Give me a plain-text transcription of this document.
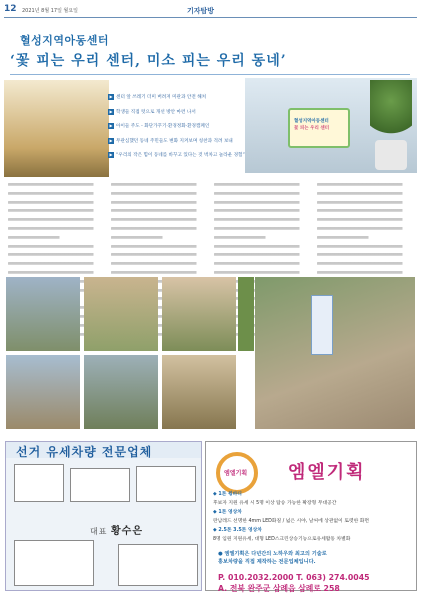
12 2021년 8월 17일 월요일	기자탐방
혈성지역아동센터
‘꽃 피는 우리 센터, 미소 피는 우리 동네’
혈성지역아동센터
꽃 피는 우리 센터
▶ 센터 앞 쓰레기 더미 버려져 미관과 안전 해쳐
▶ 학생들 직접 텃으로 개선 방안 마련 나서
▶ 아이들 주도 - 화단가꾸기·환경정화·환경캠페인
▶ 무관심했던 동네 주민들도 변화 지켜보며 칭찬과 격려 보내
▶ “우리의 작은 힘이 동네를 바꾸고 있다는 것 벅차고 놀라운 경험”
선거 유세차량 전문업체
대표 황수은
엠엘기획 엠엘기획
◆ 1톤 윙바디
후보자 지원 유세 시 5명 이상 탑승 가능한 확장형 무대공간
◆ 1톤 영상차
란남레드 선명한 4mm LED화질 / 넓은 시야, 날씨에 상관없이 또렷한 화면
◆ 2.5톤 3.5톤 영상차
8명 입원 지원유세, 대형 LED스크린상승기능으로유세활동 차별화
● 엠엘기획은 다년간의 노하우와 최고의 기술로
홍보차량을 직접 제작하는 전문업체입니다.
P. 010.2032.2000 T. 063) 274.0045
A. 전북 완주군 삼례읍 삼례로 258
